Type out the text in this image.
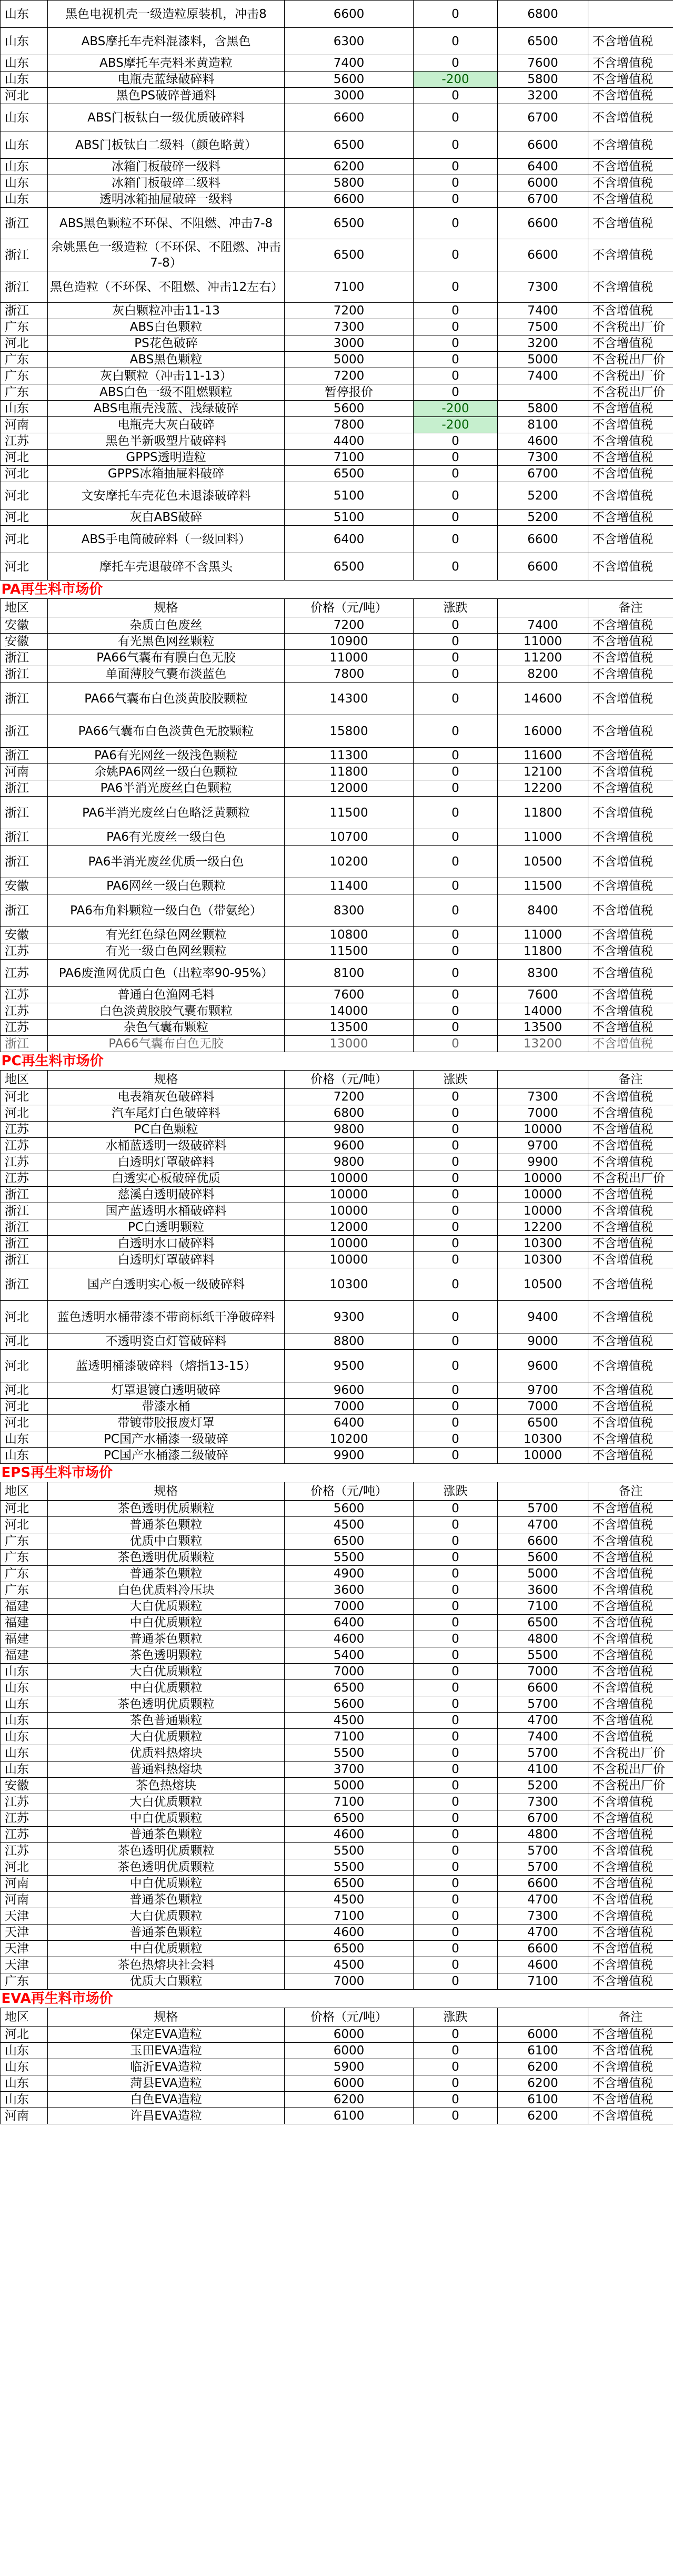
山东	黑色电视机壳一级造粒原装机，冲击8	6600	0	6800	
山东	ABS摩托车壳料混漆料，含黑色	6300	0	6500	不含增值税
山东	ABS摩托车壳料米黄造粒	7400	0	7600	不含增值税
山东	电瓶壳蓝绿破碎料	5600	-200	5800	不含增值税
河北	黑色PS破碎普通料	3000	0	3200	不含增值税
山东	ABS门板钛白一级优质破碎料	6600	0	6700	不含增值税
山东	ABS门板钛白二级料（颜色略黄）	6500	0	6600	不含增值税
山东	冰箱门板破碎一级料	6200	0	6400	不含增值税
山东	冰箱门板破碎二级料	5800	0	6000	不含增值税
山东	透明冰箱抽屉破碎一级料	6600	0	6700	不含增值税
浙江	ABS黑色颗粒不环保、不阻燃、冲击7-8	6500	0	6600	不含增值税
浙江	余姚黑色一级造粒（不环保、不阻燃、冲击7-8）	6500	0	6600	不含增值税
浙江	黑色造粒（不环保、不阻燃、冲击12左右）	7100	0	7300	不含增值税
浙江	灰白颗粒冲击11-13	7200	0	7400	不含增值税
广东	ABS白色颗粒	7300	0	7500	不含税出厂价
河北	PS花色破碎	3000	0	3200	不含增值税
广东	ABS黑色颗粒	5000	0	5000	不含税出厂价
广东	灰白颗粒（冲击11-13）	7200	0	7400	不含税出厂价
广东	ABS白色一级不阻燃颗粒	暂停报价	0		不含税出厂价
山东	ABS电瓶壳浅蓝、浅绿破碎	5600	-200	5800	不含增值税
河南	电瓶壳大灰白破碎	7800	-200	8100	不含增值税
江苏	黑色半新吸塑片破碎料	4400	0	4600	不含增值税
河北	GPPS透明造粒	7100	0	7300	不含增值税
河北	GPPS冰箱抽屉料破碎	6500	0	6700	不含增值税
河北	文安摩托车壳花色未退漆破碎料	5100	0	5200	不含增值税
河北	灰白ABS破碎	5100	0	5200	不含增值税
河北	ABS手电筒破碎料（一级回料）	6400	0	6600	不含增值税
河北	摩托车壳退破碎不含黑头	6500	0	6600	不含增值税
PA再生料市场价					
地区	规格	价格（元/吨）	涨跌		备注
安徽	杂质白色废丝	7200	0	7400	不含增值税
安徽	有光黑色网丝颗粒	10900	0	11000	不含增值税
浙江	PA66气囊布有膜白色无胶	11000	0	11200	不含增值税
浙江	单面薄胶气囊布淡蓝色	7800	0	8200	不含增值税
浙江	PA66气囊布白色淡黄胶胶颗粒	14300	0	14600	不含增值税
浙江	PA66气囊布白色淡黄色无胶颗粒	15800	0	16000	不含增值税
浙江	PA6有光网丝一级浅色颗粒	11300	0	11600	不含增值税
河南	余姚PA6网丝一级白色颗粒	11800	0	12100	不含增值税
浙江	PA6半消光废丝白色颗粒	12000	0	12200	不含增值税
浙江	PA6半消光废丝白色略泛黄颗粒	11500	0	11800	不含增值税
浙江	PA6有光废丝一级白色	10700	0	11000	不含增值税
浙江	PA6半消光废丝优质一级白色	10200	0	10500	不含增值税
安徽	PA6网丝一级白色颗粒	11400	0	11500	不含增值税
浙江	PA6布角料颗粒一级白色（带氨纶）	8300	0	8400	不含增值税
安徽	有光红色绿色网丝颗粒	10800	0	11000	不含增值税
江苏	有光一级白色网丝颗粒	11500	0	11800	不含增值税
江苏	PA6废渔网优质白色（出粒率90-95%）	8100	0	8300	不含增值税
江苏	普通白色渔网毛料	7600	0	7600	不含增值税
江苏	白色淡黄胶胶气囊布颗粒	14000	0	14000	不含增值税
江苏	杂色气囊布颗粒	13500	0	13500	不含增值税
浙江	PA66气囊布白色无胶	13000	0	13200	不含增值税
PC再生料市场价					
地区	规格	价格（元/吨）	涨跌		备注
河北	电表箱灰色破碎料	7200	0	7300	不含增值税
河北	汽车尾灯白色破碎料	6800	0	7000	不含增值税
江苏	PC白色颗粒	9800	0	10000	不含增值税
江苏	水桶蓝透明一级破碎料	9600	0	9700	不含增值税
江苏	白透明灯罩破碎料	9800	0	9900	不含增值税
江苏	白透实心板破碎优质	10000	0	10000	不含税出厂价
浙江	慈溪白透明破碎料	10000	0	10000	不含增值税
浙江	国产蓝透明水桶破碎料	10000	0	10000	不含增值税
浙江	PC白透明颗粒	12000	0	12200	不含增值税
浙江	白透明水口破碎料	10000	0	10300	不含增值税
浙江	白透明灯罩破碎料	10000	0	10300	不含增值税
浙江	国产白透明实心板一级破碎料	10300	0	10500	不含增值税
河北	蓝色透明水桶带漆不带商标纸干净破碎料	9300	0	9400	不含增值税
河北	不透明瓷白灯管破碎料	8800	0	9000	不含增值税
河北	蓝透明桶漆破碎料（熔指13-15）	9500	0	9600	不含增值税
河北	灯罩退镀白透明破碎	9600	0	9700	不含增值税
河北	带漆水桶	7000	0	7000	不含增值税
河北	带镀带胶报废灯罩	6400	0	6500	不含增值税
山东	PC国产水桶漆一级破碎	10200	0	10300	不含增值税
山东	PC国产水桶漆二级破碎	9900	0	10000	不含增值税
EPS再生料市场价					
地区	规格	价格（元/吨）	涨跌		备注
河北	茶色透明优质颗粒	5600	0	5700	不含增值税
河北	普通茶色颗粒	4500	0	4700	不含增值税
广东	优质中白颗粒	6500	0	6600	不含增值税
广东	茶色透明优质颗粒	5500	0	5600	不含增值税
广东	普通茶色颗粒	4900	0	5000	不含增值税
广东	白色优质料冷压块	3600	0	3600	不含增值税
福建	大白优质颗粒	7000	0	7100	不含增值税
福建	中白优质颗粒	6400	0	6500	不含增值税
福建	普通茶色颗粒	4600	0	4800	不含增值税
福建	茶色透明颗粒	5400	0	5500	不含增值税
山东	大白优质颗粒	7000	0	7000	不含增值税
山东	中白优质颗粒	6500	0	6600	不含增值税
山东	茶色透明优质颗粒	5600	0	5700	不含增值税
山东	茶色普通颗粒	4500	0	4700	不含增值税
山东	大白优质颗粒	7100	0	7400	不含增值税
山东	优质料热熔块	5500	0	5700	不含税出厂价
山东	普通料热熔块	3700	0	4100	不含税出厂价
安徽	茶色热熔块	5000	0	5200	不含税出厂价
江苏	大白优质颗粒	7100	0	7300	不含增值税
江苏	中白优质颗粒	6500	0	6700	不含增值税
江苏	普通茶色颗粒	4600	0	4800	不含增值税
江苏	茶色透明优质颗粒	5500	0	5700	不含增值税
河北	茶色透明优质颗粒	5500	0	5700	不含增值税
河南	中白优质颗粒	6500	0	6600	不含增值税
河南	普通茶色颗粒	4500	0	4700	不含增值税
天津	大白优质颗粒	7100	0	7300	不含增值税
天津	普通茶色颗粒	4600	0	4700	不含增值税
天津	中白优质颗粒	6500	0	6600	不含增值税
天津	茶色热熔块社会料	4500	0	4600	不含增值税
广东	优质大白颗粒	7000	0	7100	不含增值税
EVA再生料市场价					
地区	规格	价格（元/吨）	涨跌		备注
河北	保定EVA造粒	6000	0	6000	不含增值税
山东	玉田EVA造粒	6000	0	6100	不含增值税
山东	临沂EVA造粒	5900	0	6200	不含增值税
山东	菏县EVA造粒	6000	0	6200	不含增值税
山东	白色EVA造粒	6200	0	6100	不含增值税
河南	许昌EVA造粒	6100	0	6200	不含增值税
